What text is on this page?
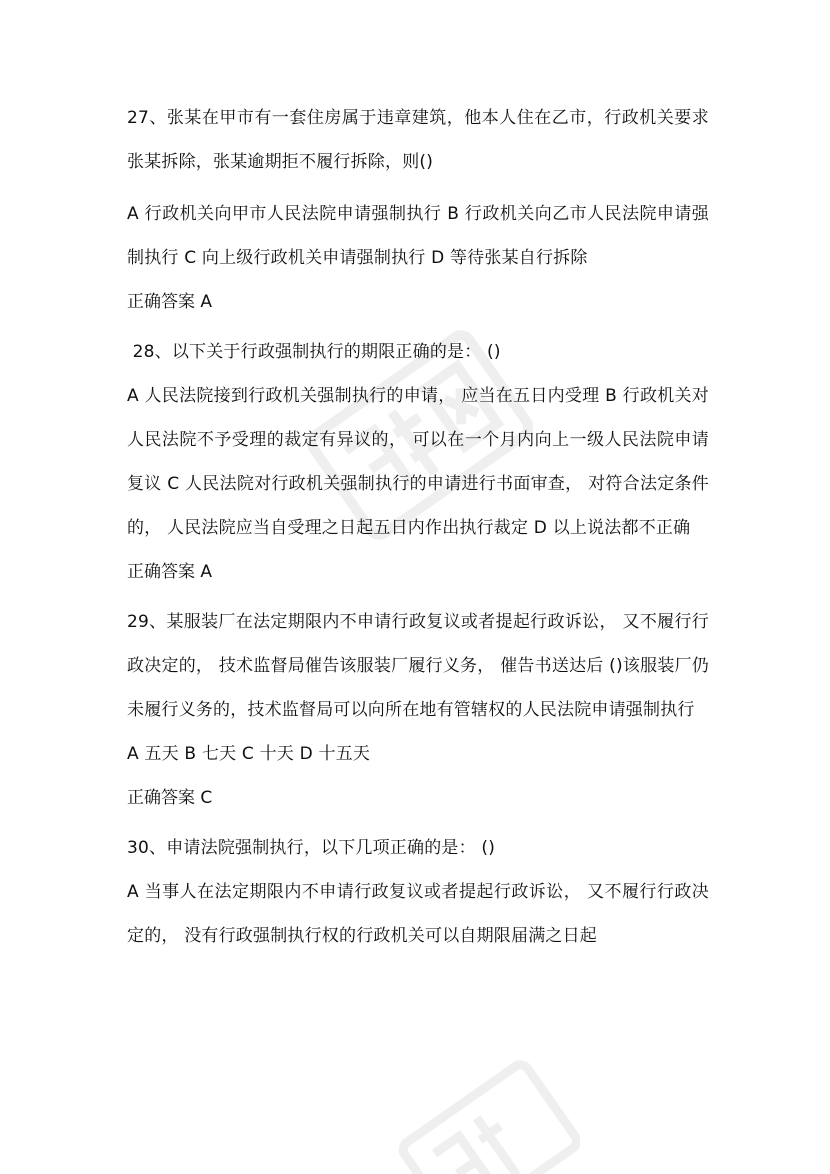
27、张某在甲市有一套住房属于违章建筑，他本人住在乙市，行政机关要求张某拆除，张某逾期拒不履行拆除，则()

A 行政机关向甲市人民法院申请强制执行 B 行政机关向乙市人民法院申请强制执行 C 向上级行政机关申请强制执行 D 等待张某自行拆除

正确答案 A

28、以下关于行政强制执行的期限正确的是： ()

A 人民法院接到行政机关强制执行的申请， 应当在五日内受理 B 行政机关对人民法院不予受理的裁定有异议的， 可以在一个月内向上一级人民法院申请复议 C 人民法院对行政机关强制执行的申请进行书面审查， 对符合法定条件的， 人民法院应当自受理之日起五日内作出执行裁定 D 以上说法都不正确

正确答案 A

29、某服装厂在法定期限内不申请行政复议或者提起行政诉讼， 又不履行行政决定的， 技术监督局催告该服装厂履行义务， 催告书送达后 ()该服装厂仍未履行义务的，技术监督局可以向所在地有管辖权的人民法院申请强制执行

A 五天 B 七天 C 十天 D 十五天

正确答案 C

30、申请法院强制执行，以下几项正确的是： ()

A 当事人在法定期限内不申请行政复议或者提起行政诉讼， 又不履行行政决定的， 没有行政强制执行权的行政机关可以自期限届满之日起
